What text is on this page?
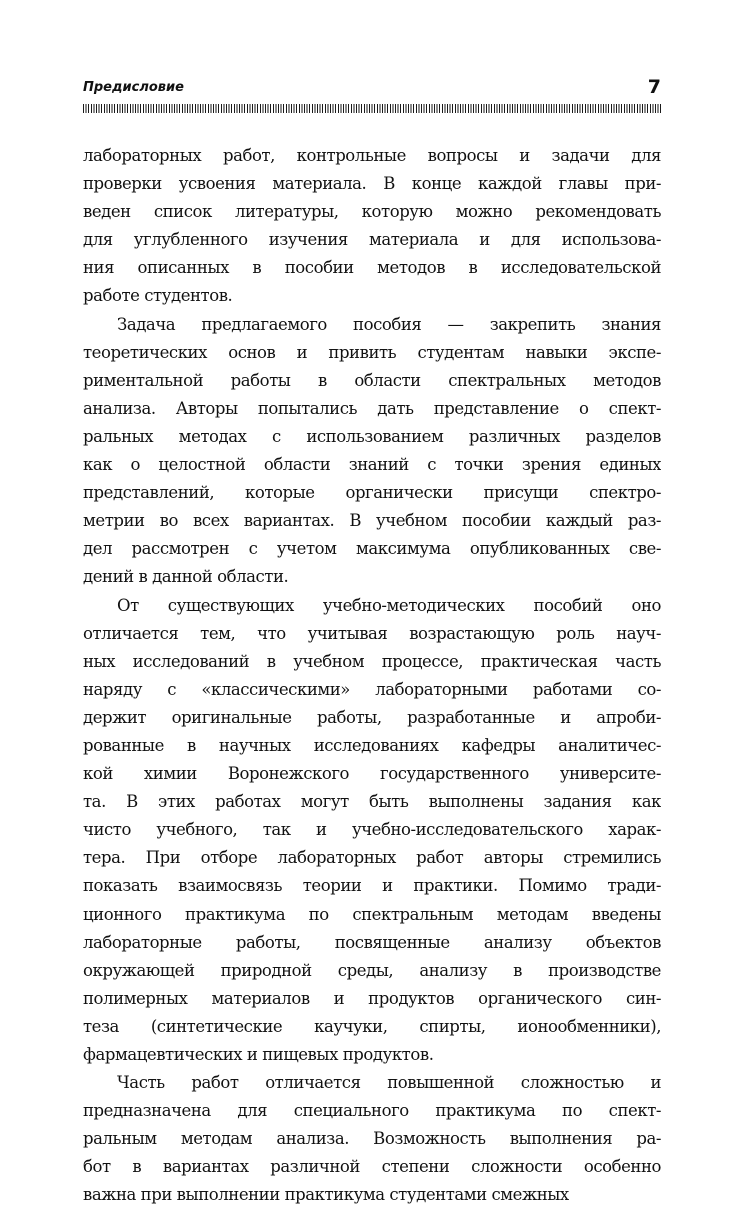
Предисловие	7
лабораторных работ, контрольные вопросы и задачи для
проверки усвоения материала. В конце каждой главы при-
веден список литературы, которую можно рекомендовать
для углубленного изучения материала и для использова-
ния описанных в пособии методов в исследовательской
работе студентов.
Задача предлагаемого пособия — закрепить знания
теоретических основ и привить студентам навыки экспе-
риментальной работы в области спектральных методов
анализа. Авторы попытались дать представление о спект-
ральных методах с использованием различных разделов
как о целостной области знаний с точки зрения единых
представлений, которые органически присущи спектро-
метрии во всех вариантах. В учебном пособии каждый раз-
дел рассмотрен с учетом максимума опубликованных све-
дений в данной области.
От существующих учебно-методических пособий оно
отличается тем, что учитывая возрастающую роль науч-
ных исследований в учебном процессе, практическая часть
наряду с «классическими» лабораторными работами со-
держит оригинальные работы, разработанные и апроби-
рованные в научных исследованиях кафедры аналитичес-
кой химии Воронежского государственного университе-
та. В этих работах могут быть выполнены задания как
чисто учебного, так и учебно-исследовательского харак-
тера. При отборе лабораторных работ авторы стремились
показать взаимосвязь теории и практики. Помимо тради-
ционного практикума по спектральным методам введены
лабораторные работы, посвященные анализу объектов
окружающей природной среды, анализу в производстве
полимерных материалов и продуктов органического син-
теза (синтетические каучуки, спирты, ионообменники),
фармацевтических и пищевых продуктов.
Часть работ отличается повышенной сложностью и
предназначена для специального практикума по спект-
ральным методам анализа. Возможность выполнения ра-
бот в вариантах различной степени сложности особенно
важна при выполнении практикума студентами смежных
